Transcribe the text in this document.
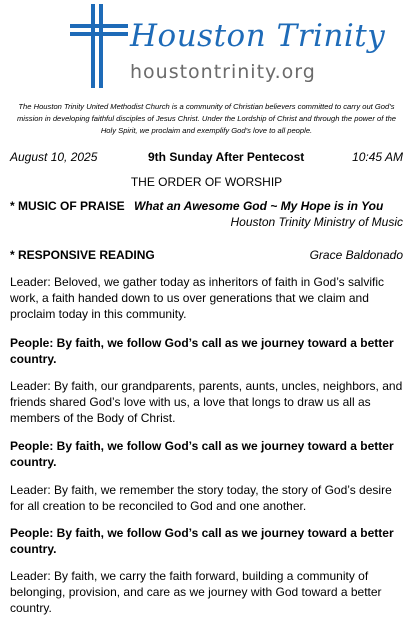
Houston Trinity
houstontrinity.org
The Houston Trinity United Methodist Church is a community of Christian believers committed to carry out God’s mission in developing faithful disciples of Jesus Christ. Under the Lordship of Christ and through the power of the Holy Spirit, we proclaim and exemplify God’s love to all people.
August 10, 2025	9th Sunday After Pentecost	10:45 AM
THE ORDER OF WORSHIP
* MUSIC OF PRAISE What an Awesome God ~ My Hope is in You
Houston Trinity Ministry of Music
* RESPONSIVE READING	Grace Baldonado
Leader: Beloved, we gather today as inheritors of faith in God’s salvific work, a faith handed down to us over generations that we claim and proclaim today in this community.
People: By faith, we follow God’s call as we journey toward a better country.
Leader: By faith, our grandparents, parents, aunts, uncles, neighbors, and friends shared God’s love with us, a love that longs to draw us all as members of the Body of Christ.
People: By faith, we follow God’s call as we journey toward a better country.
Leader: By faith, we remember the story today, the story of God’s desire for all creation to be reconciled to God and one another.
People: By faith, we follow God’s call as we journey toward a better country.
Leader: By faith, we carry the faith forward, building a community of belonging, provision, and care as we journey with God toward a better country.
